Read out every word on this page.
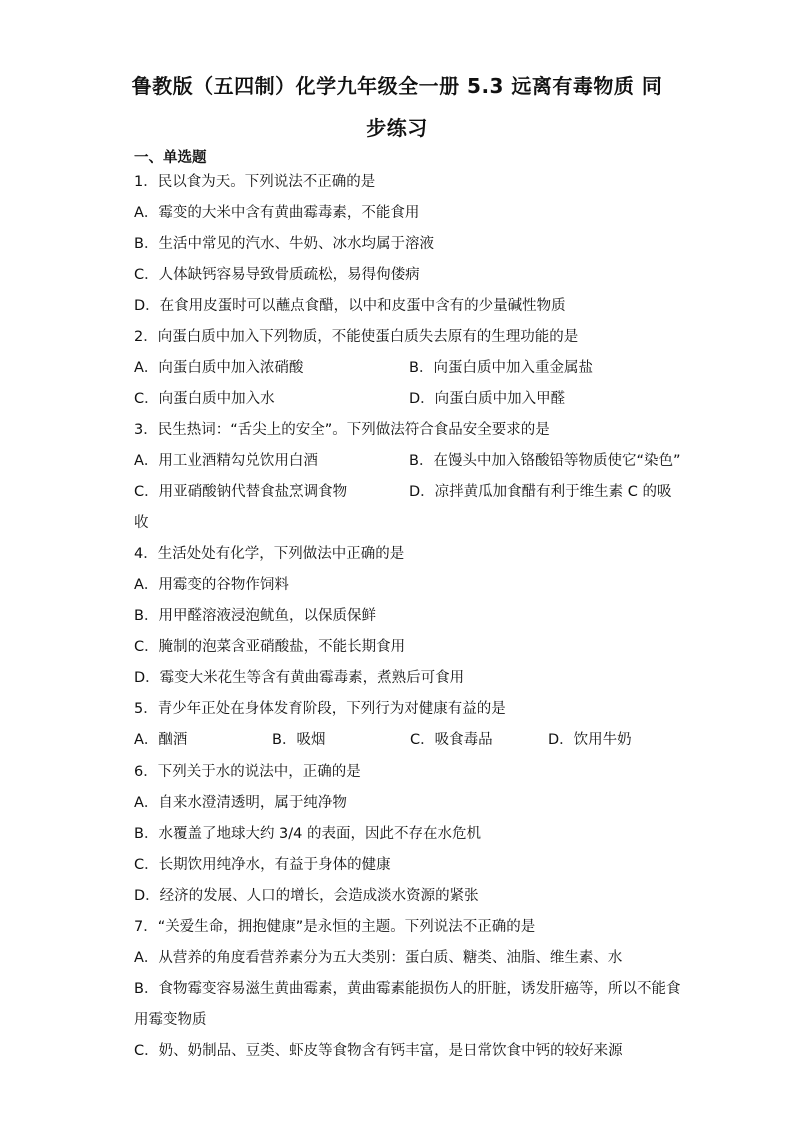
鲁教版（五四制）化学九年级全一册 5.3 远离有毒物质 同
步练习
一、单选题
1．民以食为天。下列说法不正确的是
A．霉变的大米中含有黄曲霉毒素，不能食用
B．生活中常见的汽水、牛奶、冰水均属于溶液
C．人体缺钙容易导致骨质疏松，易得佝偻病
D．在食用皮蛋时可以蘸点食醋，以中和皮蛋中含有的少量碱性物质
2．向蛋白质中加入下列物质，不能使蛋白质失去原有的生理功能的是
A．向蛋白质中加入浓硝酸	B．向蛋白质中加入重金属盐
C．向蛋白质中加入水	D．向蛋白质中加入甲醛
3．民生热词：“舌尖上的安全”。下列做法符合食品安全要求的是
A．用工业酒精勾兑饮用白酒	B．在馒头中加入铬酸铅等物质使它“染色”
C．用亚硝酸钠代替食盐烹调食物	D．凉拌黄瓜加食醋有利于维生素 C 的吸
收
4．生活处处有化学，下列做法中正确的是
A．用霉变的谷物作饲料
B．用甲醛溶液浸泡鱿鱼，以保质保鲜
C．腌制的泡菜含亚硝酸盐，不能长期食用
D．霉变大米花生等含有黄曲霉毒素，煮熟后可食用
5．青少年正处在身体发育阶段，下列行为对健康有益的是
A．酗酒	B．吸烟	C．吸食毒品	D．饮用牛奶
6．下列关于水的说法中，正确的是
A．自来水澄清透明，属于纯净物
B．水覆盖了地球大约 3/4 的表面，因此不存在水危机
C．长期饮用纯净水，有益于身体的健康
D．经济的发展、人口的增长，会造成淡水资源的紧张
7．“关爱生命，拥抱健康”是永恒的主题。下列说法不正确的是
A．从营养的角度看营养素分为五大类别：蛋白质、糖类、油脂、维生素、水
B．食物霉变容易滋生黄曲霉素，黄曲霉素能损伤人的肝脏，诱发肝癌等，所以不能食
用霉变物质
C．奶、奶制品、豆类、虾皮等食物含有钙丰富，是日常饮食中钙的较好来源
